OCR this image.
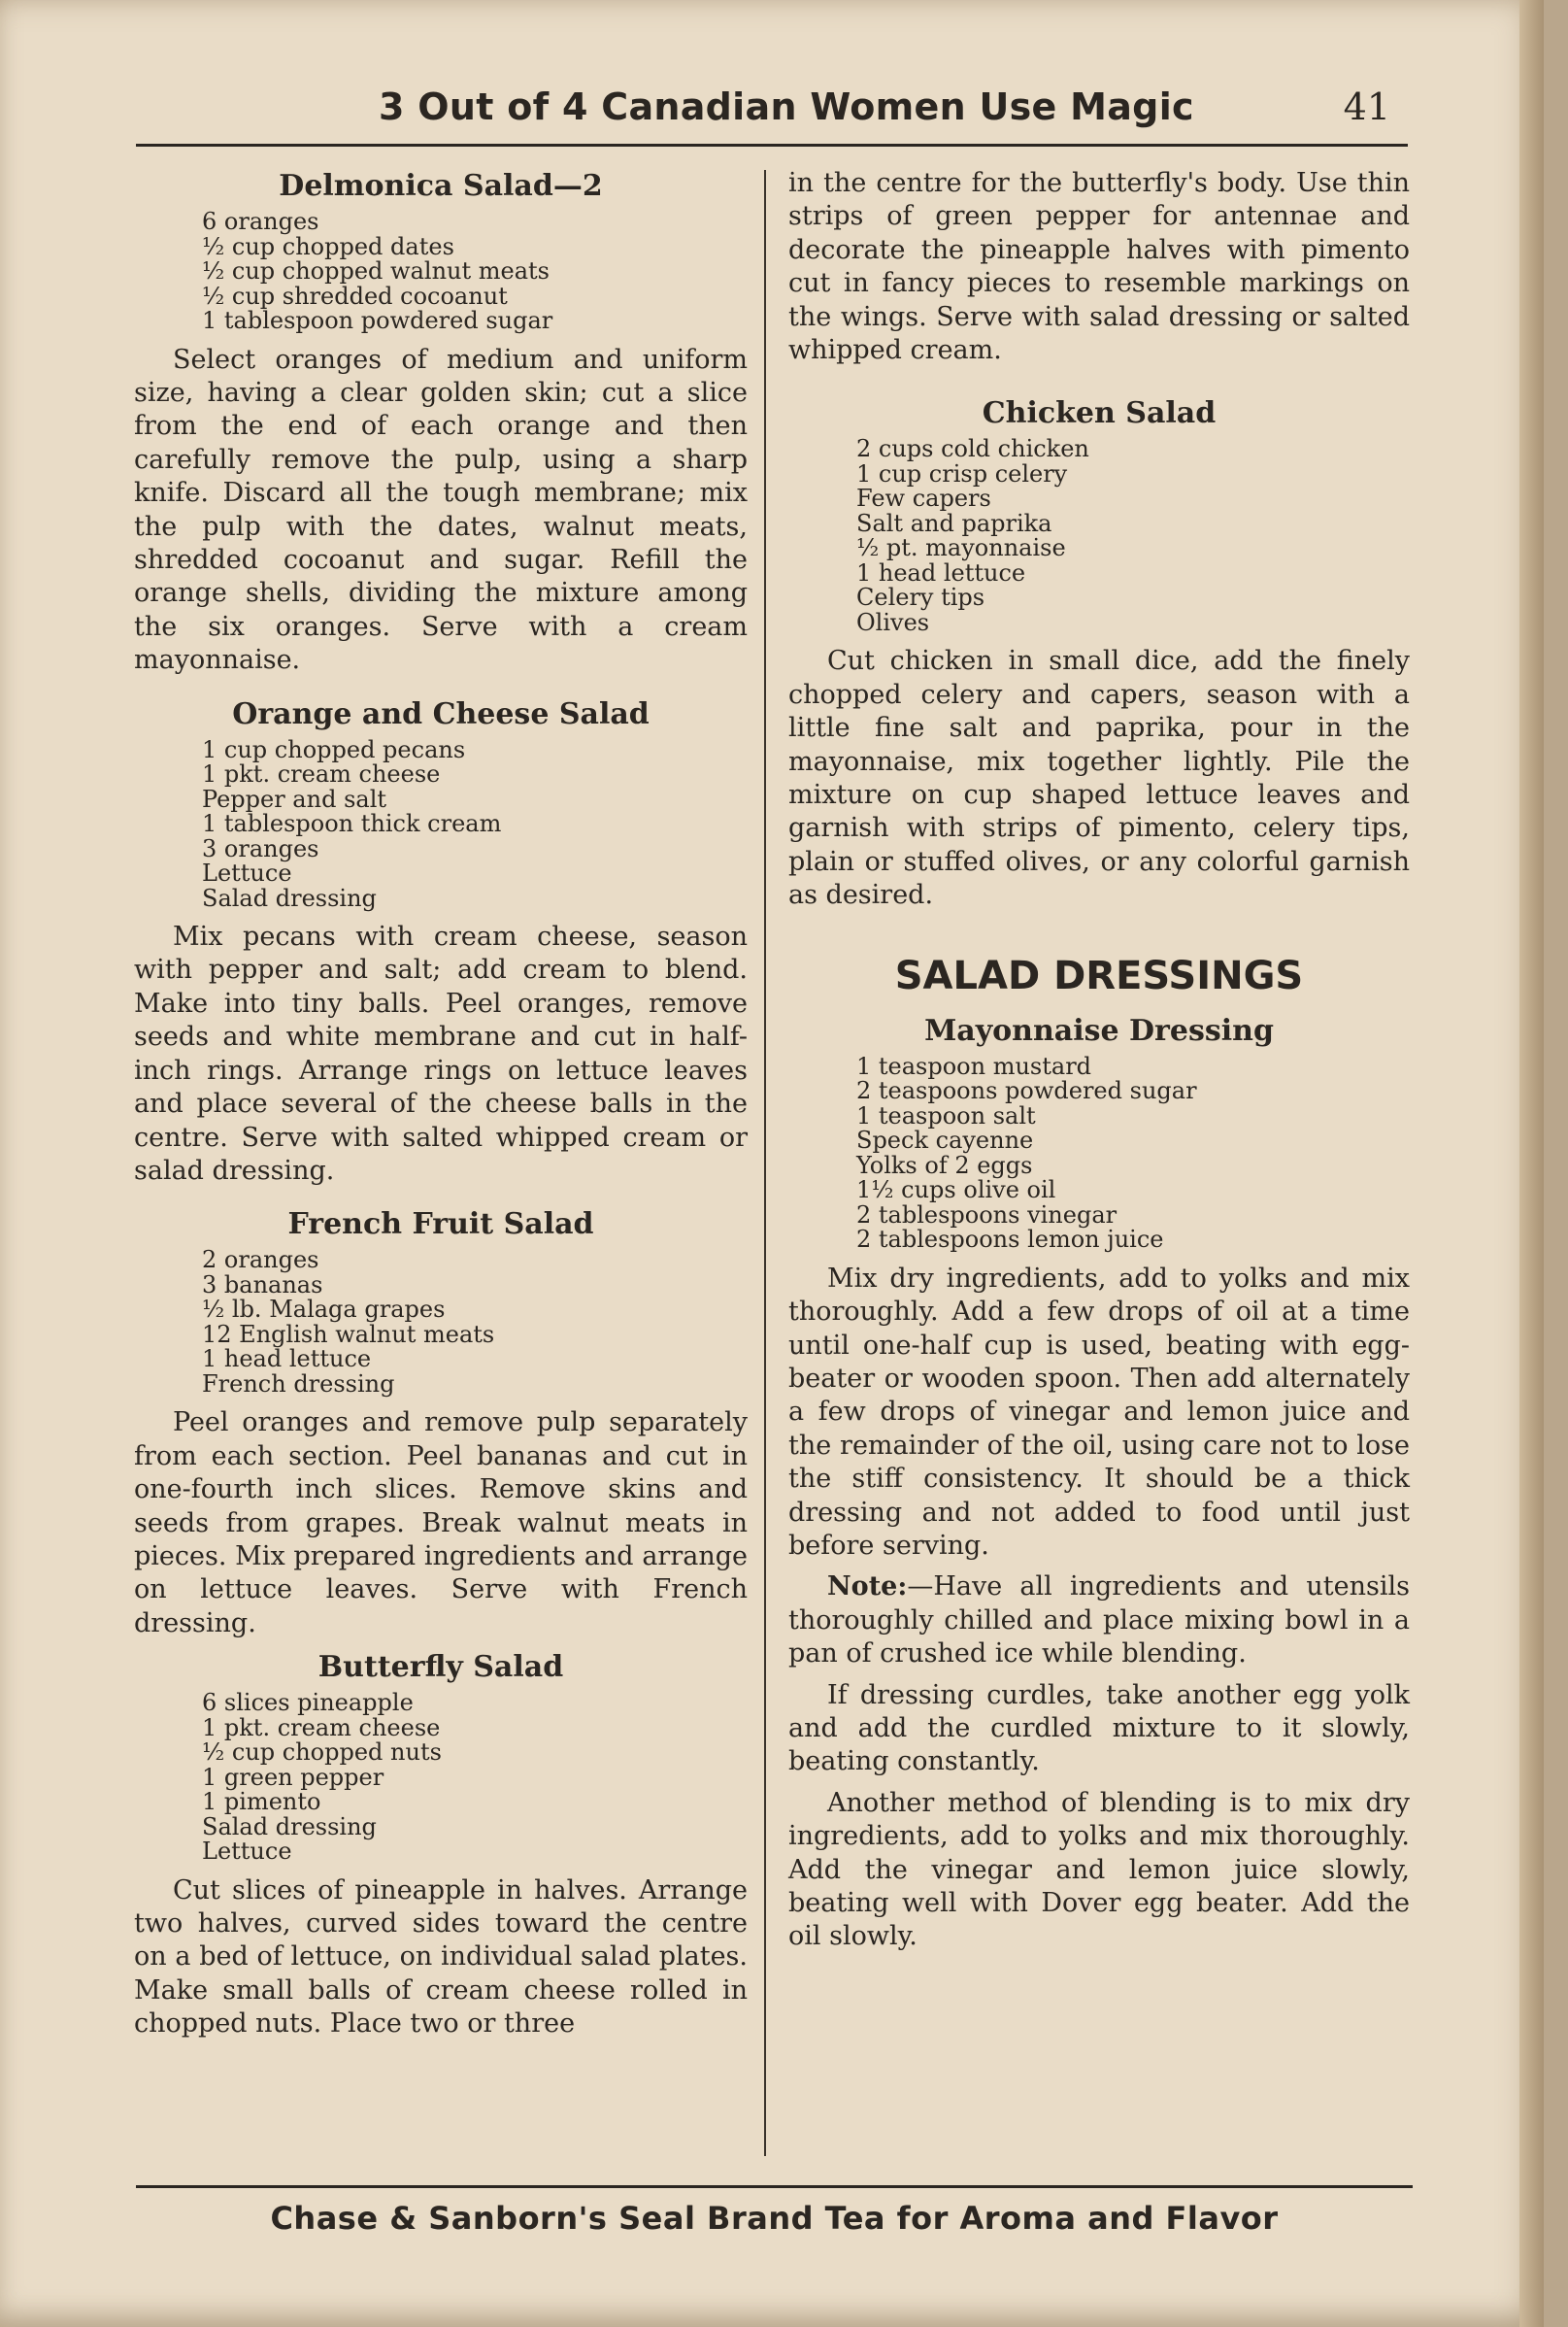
3 Out of 4 Canadian Women Use Magic	41
Delmonica Salad—2
6 oranges
½ cup chopped dates
½ cup chopped walnut meats
½ cup shredded cocoanut
1 tablespoon powdered sugar

Select oranges of medium and uniform size, having a clear golden skin; cut a slice from the end of each orange and then carefully remove the pulp, using a sharp knife. Discard all the tough membrane; mix the pulp with the dates, walnut meats, shredded cocoanut and sugar. Refill the orange shells, dividing the mixture among the six oranges. Serve with a cream mayonnaise.

Orange and Cheese Salad
1 cup chopped pecans
1 pkt. cream cheese
Pepper and salt
1 tablespoon thick cream
3 oranges
Lettuce
Salad dressing

Mix pecans with cream cheese, season with pepper and salt; add cream to blend. Make into tiny balls. Peel oranges, remove seeds and white membrane and cut in half-inch rings. Arrange rings on lettuce leaves and place several of the cheese balls in the centre. Serve with salted whipped cream or salad dressing.

French Fruit Salad
2 oranges
3 bananas
½ lb. Malaga grapes
12 English walnut meats
1 head lettuce
French dressing

Peel oranges and remove pulp separately from each section. Peel bananas and cut in one-fourth inch slices. Remove skins and seeds from grapes. Break walnut meats in pieces. Mix prepared ingredients and arrange on lettuce leaves. Serve with French dressing.

Butterfly Salad
6 slices pineapple
1 pkt. cream cheese
½ cup chopped nuts
1 green pepper
1 pimento
Salad dressing
Lettuce

Cut slices of pineapple in halves. Arrange two halves, curved sides toward the centre on a bed of lettuce, on individual salad plates. Make small balls of cream cheese rolled in chopped nuts. Place two or three

in the centre for the butterfly's body. Use thin strips of green pepper for antennae and decorate the pineapple halves with pimento cut in fancy pieces to resemble markings on the wings. Serve with salad dressing or salted whipped cream.

Chicken Salad
2 cups cold chicken
1 cup crisp celery
Few capers
Salt and paprika
½ pt. mayonnaise
1 head lettuce
Celery tips
Olives

Cut chicken in small dice, add the finely chopped celery and capers, season with a little fine salt and paprika, pour in the mayonnaise, mix together lightly. Pile the mixture on cup shaped lettuce leaves and garnish with strips of pimento, celery tips, plain or stuffed olives, or any colorful garnish as desired.

SALAD DRESSINGS
Mayonnaise Dressing
1 teaspoon mustard
2 teaspoons powdered sugar
1 teaspoon salt
Speck cayenne
Yolks of 2 eggs
1½ cups olive oil
2 tablespoons vinegar
2 tablespoons lemon juice

Mix dry ingredients, add to yolks and mix thoroughly. Add a few drops of oil at a time until one-half cup is used, beating with egg-beater or wooden spoon. Then add alternately a few drops of vinegar and lemon juice and the remainder of the oil, using care not to lose the stiff consistency. It should be a thick dressing and not added to food until just before serving.

Note:—Have all ingredients and utensils thoroughly chilled and place mixing bowl in a pan of crushed ice while blending.

If dressing curdles, take another egg yolk and add the curdled mixture to it slowly, beating constantly.

Another method of blending is to mix dry ingredients, add to yolks and mix thoroughly. Add the vinegar and lemon juice slowly, beating well with Dover egg beater. Add the oil slowly.

Chase & Sanborn's Seal Brand Tea for Aroma and Flavor
